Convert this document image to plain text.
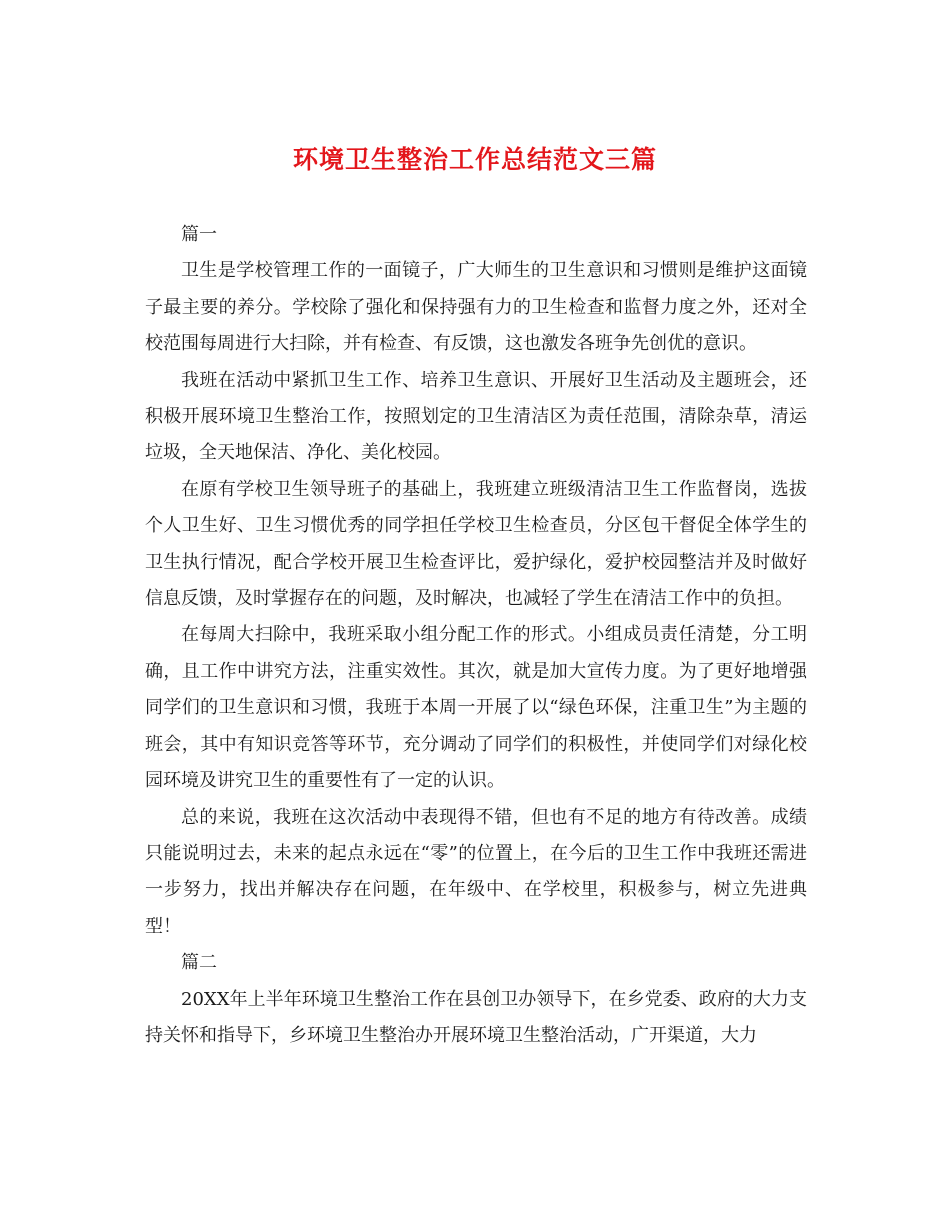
环境卫生整治工作总结范文三篇

篇一

卫生是学校管理工作的一面镜子，广大师生的卫生意识和习惯则是维护这面镜子最主要的养分。学校除了强化和保持强有力的卫生检查和监督力度之外，还对全校范围每周进行大扫除，并有检查、有反馈，这也激发各班争先创优的意识。

我班在活动中紧抓卫生工作、培养卫生意识、开展好卫生活动及主题班会，还积极开展环境卫生整治工作，按照划定的卫生清洁区为责任范围，清除杂草，清运垃圾，全天地保洁、净化、美化校园。

在原有学校卫生领导班子的基础上，我班建立班级清洁卫生工作监督岗，选拔个人卫生好、卫生习惯优秀的同学担任学校卫生检查员，分区包干督促全体学生的卫生执行情况，配合学校开展卫生检查评比，爱护绿化，爱护校园整洁并及时做好信息反馈，及时掌握存在的问题，及时解决，也减轻了学生在清洁工作中的负担。

在每周大扫除中，我班采取小组分配工作的形式。小组成员责任清楚，分工明确，且工作中讲究方法，注重实效性。其次，就是加大宣传力度。为了更好地增强同学们的卫生意识和习惯，我班于本周一开展了以“绿色环保，注重卫生”为主题的班会，其中有知识竞答等环节，充分调动了同学们的积极性，并使同学们对绿化校园环境及讲究卫生的重要性有了一定的认识。

总的来说，我班在这次活动中表现得不错，但也有不足的地方有待改善。成绩只能说明过去，未来的起点永远在“零”的位置上，在今后的卫生工作中我班还需进一步努力，找出并解决存在问题，在年级中、在学校里，积极参与，树立先进典型！

篇二

20XX年上半年环境卫生整治工作在县创卫办领导下，在乡党委、政府的大力支持关怀和指导下，乡环境卫生整治办开展环境卫生整治活动，广开渠道，大力
